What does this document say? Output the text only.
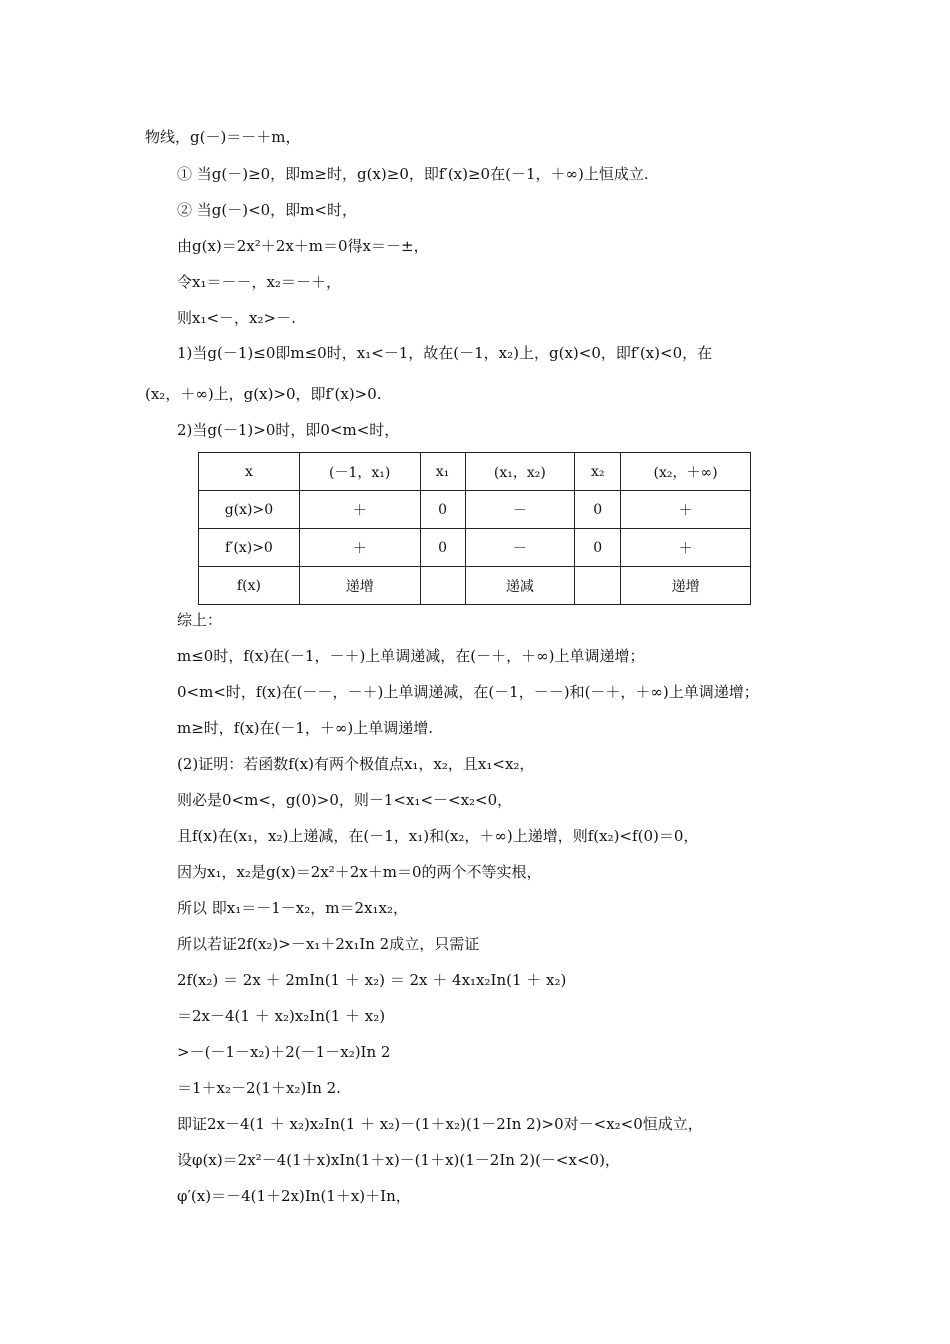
物线，g(－)＝－＋m，
① 当g(－)≥0，即m≥时，g(x)≥0，即f′(x)≥0在(－1，＋∞)上恒成立.
② 当g(－)<0，即m<时，
由g(x)＝2x²＋2x＋m＝0得x＝－±，
令x₁＝－－，x₂＝－＋，
则x₁<－，x₂>－.
1)当g(－1)≤0即m≤0时，x₁<－1，故在(－1，x₂)上，g(x)<0，即f′(x)<0，在
(x₂，＋∞)上，g(x)>0，即f′(x)>0.
2)当g(－1)>0时，即0<m<时，
x	(－1，x₁)	x₁	(x₁，x₂)	x₂	(x₂，＋∞)
g(x)>0	＋	0	－	0	＋
f′(x)>0	＋	0	－	0	＋
f(x)	递增		递减		递增
综上：
m≤0时，f(x)在(－1，－＋)上单调递减，在(－＋，＋∞)上单调递增；
0<m<时，f(x)在(－－，－＋)上单调递减，在(－1，－－)和(－＋，＋∞)上单调递增；
m≥时，f(x)在(－1，＋∞)上单调递增.
(2)证明：若函数f(x)有两个极值点x₁，x₂，且x₁<x₂，
则必是0<m<，g(0)>0，则－1<x₁<－<x₂<0，
且f(x)在(x₁，x₂)上递减，在(－1，x₁)和(x₂，＋∞)上递增，则f(x₂)<f(0)＝0，
因为x₁，x₂是g(x)＝2x²＋2x＋m＝0的两个不等实根，
所以 即x₁＝－1－x₂，m＝2x₁x₂，
所以若证2f(x₂)>－x₁＋2x₁In 2成立，只需证
2f(x₂) ＝ 2x ＋ 2mIn(1 ＋ x₂) ＝ 2x ＋ 4x₁x₂In(1 ＋ x₂)
＝2x－4(1 ＋ x₂)x₂In(1 ＋ x₂)
>－(－1－x₂)＋2(－1－x₂)In 2
＝1＋x₂－2(1＋x₂)In 2.
即证2x－4(1 ＋ x₂)x₂In(1 ＋ x₂)－(1＋x₂)(1－2In 2)>0对－<x₂<0恒成立，
设φ(x)＝2x²－4(1＋x)xIn(1＋x)－(1＋x)(1－2In 2)(－<x<0)，
φ′(x)＝－4(1＋2x)In(1＋x)＋In，
